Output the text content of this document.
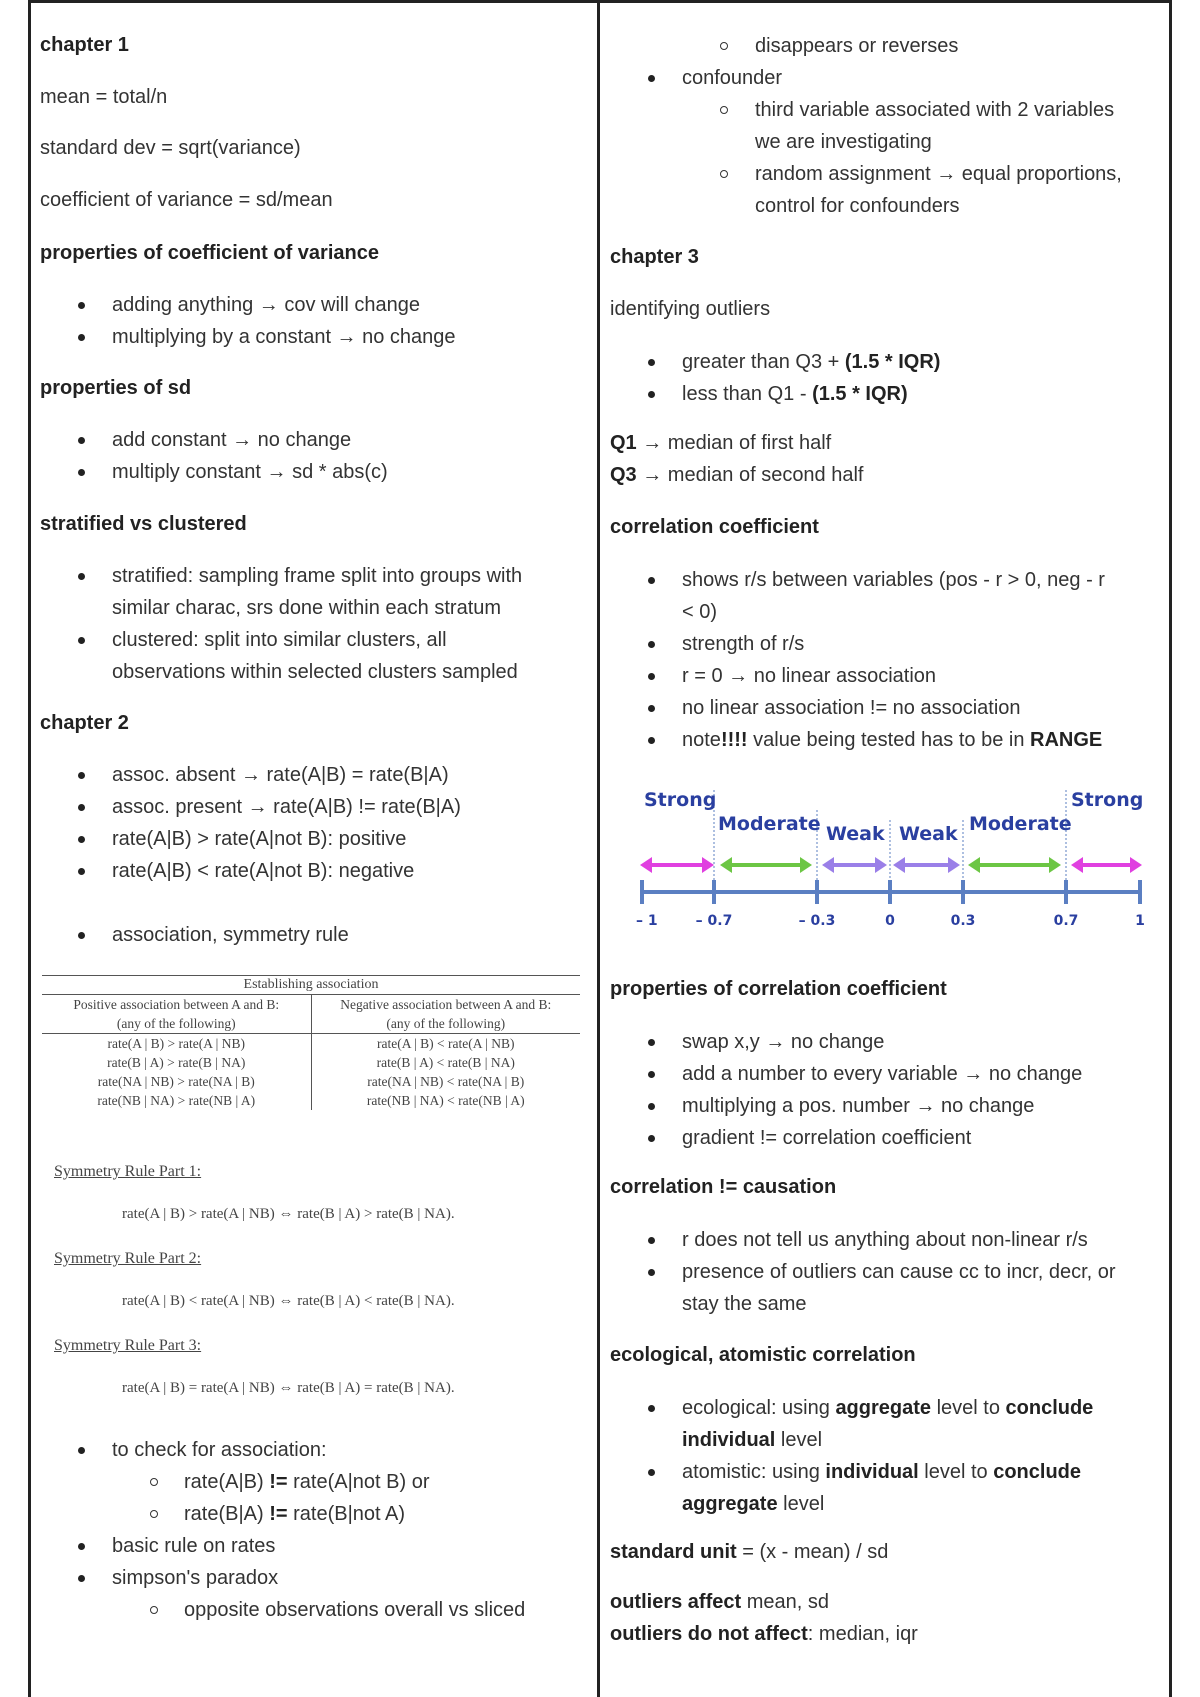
chapter 1
mean = total/n
standard dev = sqrt(variance)
coefficient of variance = sd/mean
properties of coefficient of variance
adding anything → cov will change
multiplying by a constant → no change
properties of sd
add constant → no change
multiply constant → sd * abs(c)
stratified vs clustered
stratified: sampling frame split into groups with
similar charac, srs done within each stratum
clustered: split into similar clusters, all
observations within selected clusters sampled
chapter 2
assoc. absent → rate(A|B) = rate(B|A)
assoc. present → rate(A|B) != rate(B|A)
rate(A|B) > rate(A|not B): positive
rate(A|B) < rate(A|not B): negative
association, symmetry rule
Establishing association
Positive association between A and B:	Negative association between A and B:
(any of the following)	(any of the following)
rate(A | B) > rate(A | NB)	rate(A | B) < rate(A | NB)
rate(B | A) > rate(B | NA)	rate(B | A) < rate(B | NA)
rate(NA | NB) > rate(NA | B)	rate(NA | NB) < rate(NA | B)
rate(NB | NA) > rate(NB | A)	rate(NB | NA) < rate(NB | A)
Symmetry Rule Part 1:
rate(A | B) > rate(A | NB) ⇔ rate(B | A) > rate(B | NA).
Symmetry Rule Part 2:
rate(A | B) < rate(A | NB) ⇔ rate(B | A) < rate(B | NA).
Symmetry Rule Part 3:
rate(A | B) = rate(A | NB) ⇔ rate(B | A) = rate(B | NA).
to check for association:
rate(A|B) != rate(A|not B) or
rate(B|A) != rate(B|not A)
basic rule on rates
simpson's paradox
opposite observations overall vs sliced
disappears or reverses
confounder
third variable associated with 2 variables
we are investigating
random assignment → equal proportions,
control for confounders
chapter 3
identifying outliers
greater than Q3 + (1.5 * IQR)
less than Q1 - (1.5 * IQR)
Q1 → median of first half
Q3 → median of second half
correlation coefficient
shows r/s between variables (pos - r > 0, neg - r
< 0)
strength of r/s
r = 0 → no linear association
no linear association != no association
note!!!! value being tested has to be in RANGE
Strong
Moderate Weak Weak Moderate
Strong
– 1	– 0.7	– 0.3	0	0.3	0.7	1
properties of correlation coefficient
swap x,y → no change
add a number to every variable → no change
multiplying a pos. number → no change
gradient != correlation coefficient
correlation != causation
r does not tell us anything about non-linear r/s
presence of outliers can cause cc to incr, decr, or
stay the same
ecological, atomistic correlation
ecological: using aggregate level to conclude
individual level
atomistic: using individual level to conclude
aggregate level
standard unit = (x - mean) / sd
outliers affect mean, sd
outliers do not affect: median, iqr
